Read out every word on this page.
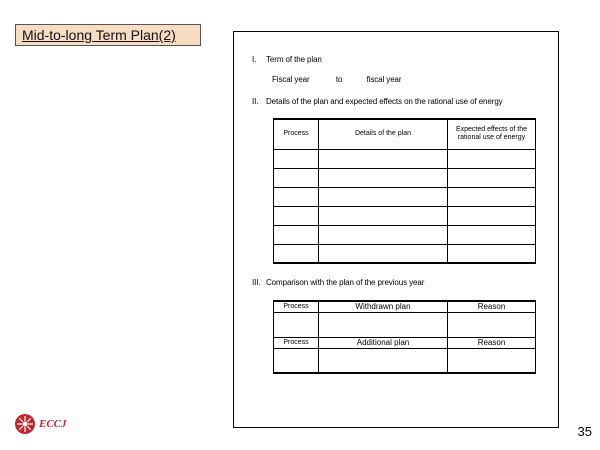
Mid-to-long Term Plan(2)
I. Term of the plan
Fiscal year	to	fiscal year
II. Details of the plan and expected effects on the rational use of energy
Process	Details of the plan	Expected effects of the rational use of energy

III. Comparison with the plan of the previous year
Process	Withdrawn plan	Reason

Process	Additional plan	Reason

ECCJ	35
